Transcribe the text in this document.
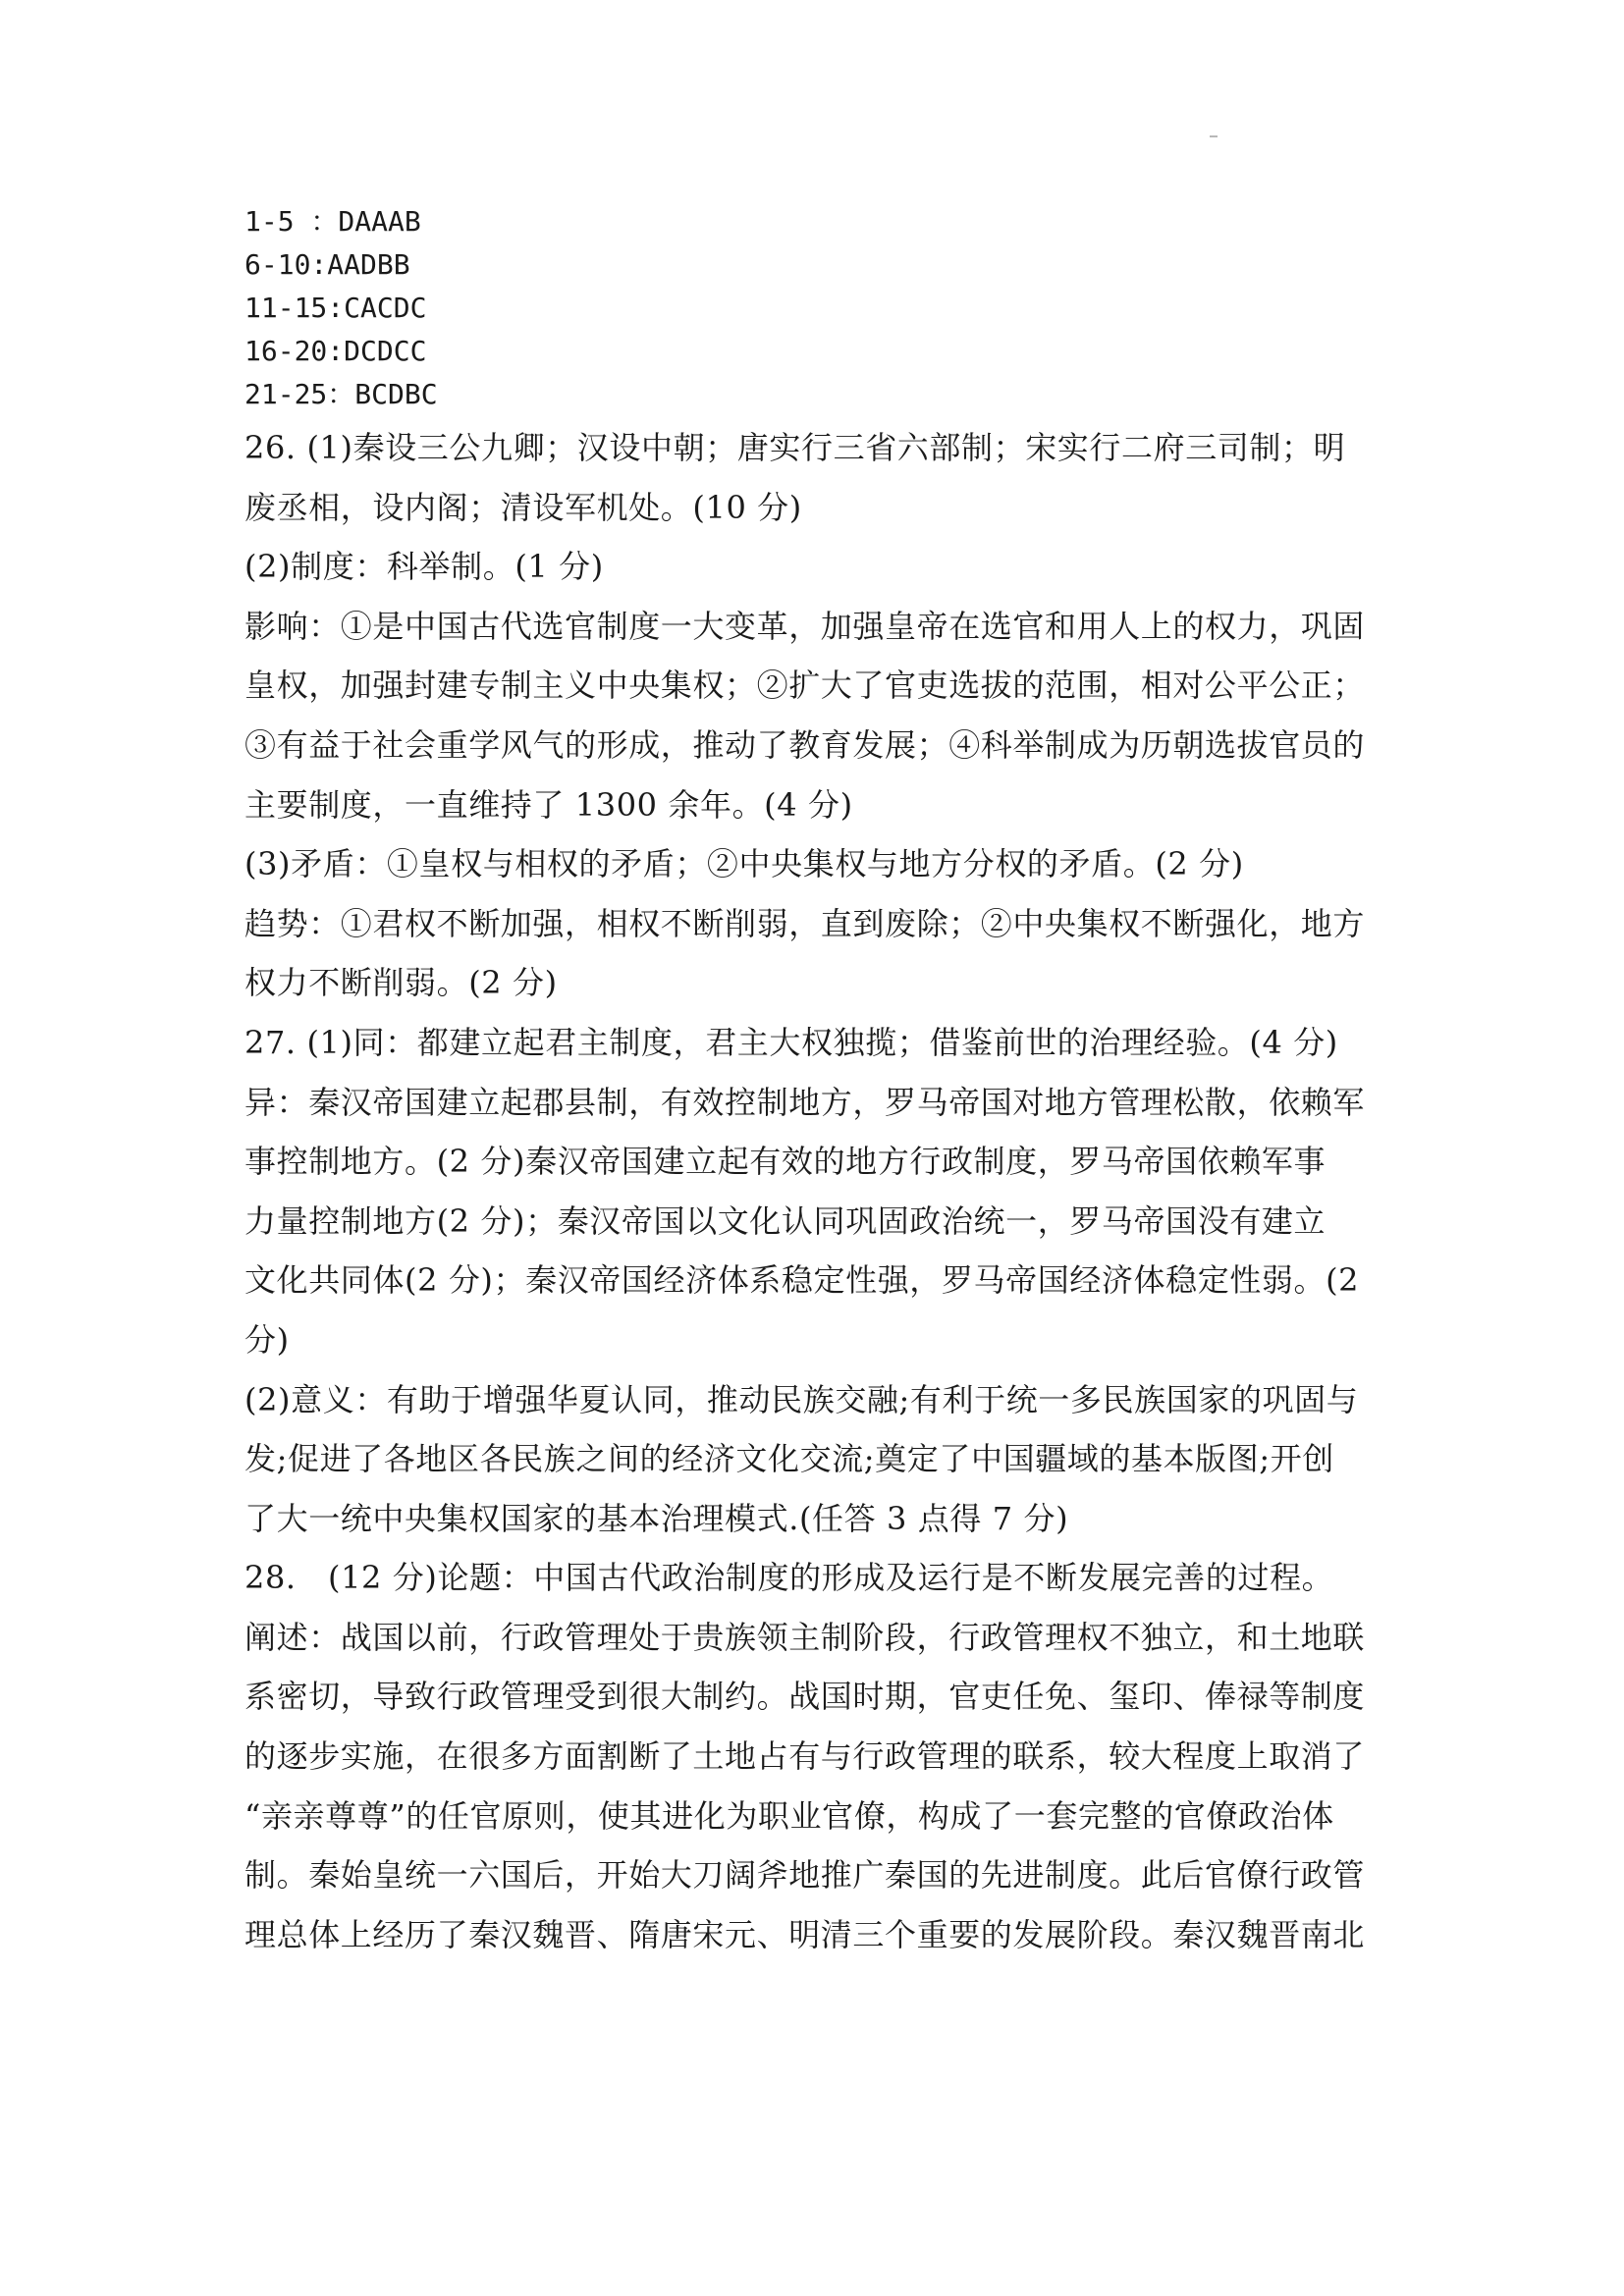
1-5 ：DAAAB
6-10:AADBB
11-15:CACDC
16-20:DCDCC
21-25：BCDBC
26. (1)秦设三公九卿；汉设中朝；唐实行三省六部制；宋实行二府三司制；明
废丞相，设内阁；清设军机处。(10 分)
(2)制度：科举制。(1 分)
影响：①是中国古代选官制度一大变革，加强皇帝在选官和用人上的权力，巩固
皇权，加强封建专制主义中央集权；②扩大了官吏选拔的范围，相对公平公正；
③有益于社会重学风气的形成，推动了教育发展；④科举制成为历朝选拔官员的
主要制度，一直维持了 1300 余年。(4 分)
(3)矛盾：①皇权与相权的矛盾；②中央集权与地方分权的矛盾。(2 分)
趋势：①君权不断加强，相权不断削弱，直到废除；②中央集权不断强化，地方
权力不断削弱。(2 分)
27. (1)同：都建立起君主制度，君主大权独揽；借鉴前世的治理经验。(4 分)
异：秦汉帝国建立起郡县制，有效控制地方，罗马帝国对地方管理松散，依赖军
事控制地方。(2 分)秦汉帝国建立起有效的地方行政制度，罗马帝国依赖军事
力量控制地方(2 分)；秦汉帝国以文化认同巩固政治统一，罗马帝国没有建立
文化共同体(2 分)；秦汉帝国经济体系稳定性强，罗马帝国经济体稳定性弱。(2
分)
(2)意义：有助于增强华夏认同，推动民族交融;有利于统一多民族国家的巩固与
发;促进了各地区各民族之间的经济文化交流;奠定了中国疆域的基本版图;开创
了大一统中央集权国家的基本治理模式.(任答 3 点得 7 分)
28.   (12 分)论题：中国古代政治制度的形成及运行是不断发展完善的过程。
阐述：战国以前，行政管理处于贵族领主制阶段，行政管理权不独立，和土地联
系密切，导致行政管理受到很大制约。战国时期，官吏任免、玺印、俸禄等制度
的逐步实施，在很多方面割断了土地占有与行政管理的联系，较大程度上取消了
“亲亲尊尊”的任官原则，使其进化为职业官僚，构成了一套完整的官僚政治体
制。秦始皇统一六国后，开始大刀阔斧地推广秦国的先进制度。此后官僚行政管
理总体上经历了秦汉魏晋、隋唐宋元、明清三个重要的发展阶段。秦汉魏晋南北
